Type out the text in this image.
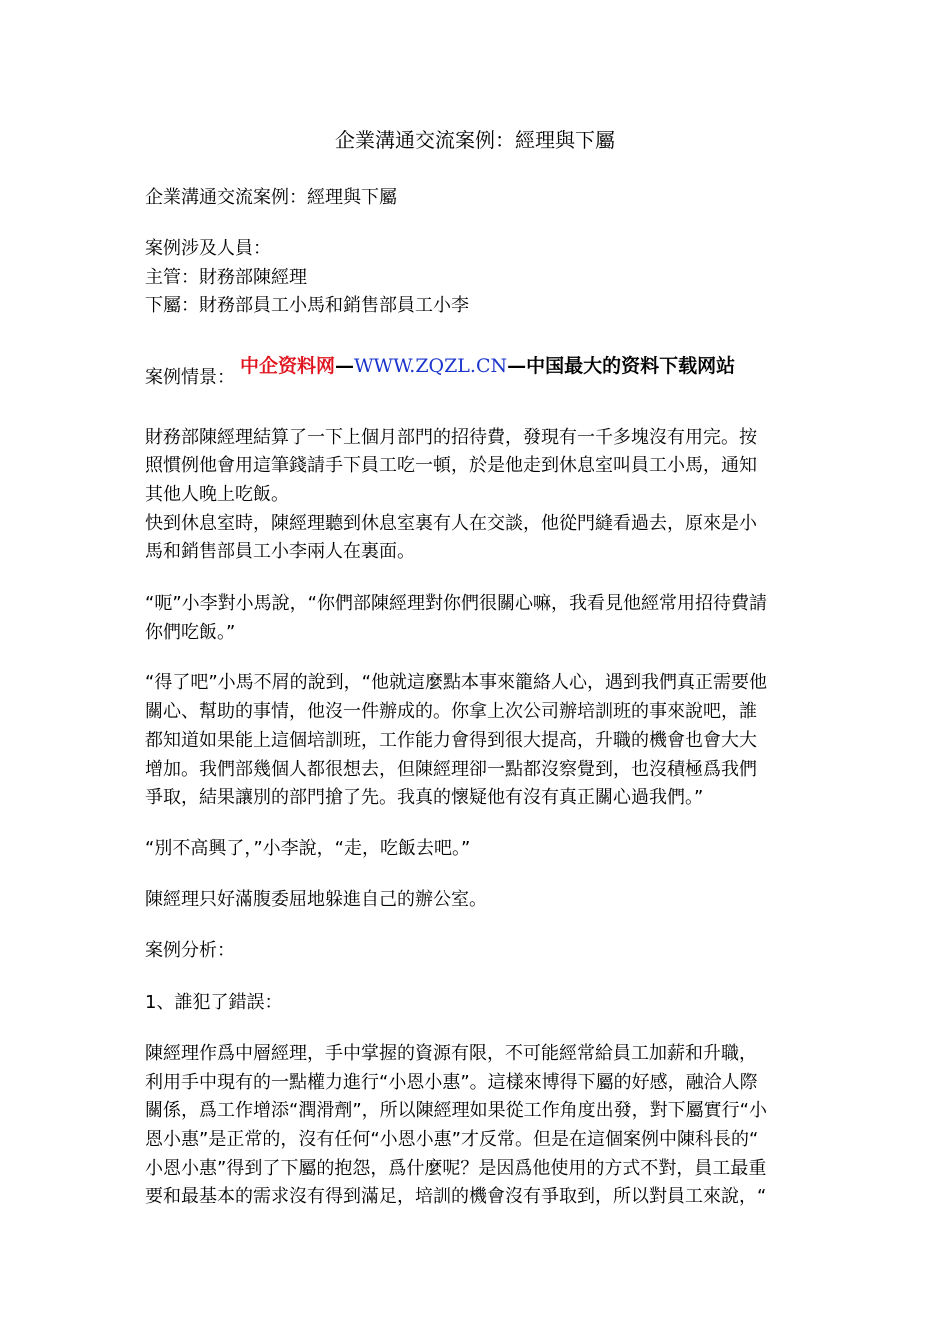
企業溝通交流案例：經理與下屬
企業溝通交流案例：經理與下屬
案例涉及人員：
主管：財務部陳經理
下屬：財務部員工小馬和銷售部員工小李
案例情景：
中企资料网—WWW.ZQZL.CN—中国最大的资料下载网站
財務部陳經理結算了一下上個月部門的招待費，發現有一千多塊沒有用完。按
照慣例他會用這筆錢請手下員工吃一頓，於是他走到休息室叫員工小馬，通知
其他人晚上吃飯。
快到休息室時，陳經理聽到休息室裏有人在交談，他從門縫看過去，原來是小
馬和銷售部員工小李兩人在裏面。
“呃”小李對小馬說，“你們部陳經理對你們很關心嘛，我看見他經常用招待費請
你們吃飯。”
“得了吧”小馬不屑的說到，“他就這麼點本事來籠絡人心，遇到我們真正需要他
關心、幫助的事情，他沒一件辦成的。你拿上次公司辦培訓班的事來說吧，誰
都知道如果能上這個培訓班，工作能力會得到很大提高，升職的機會也會大大
增加。我們部幾個人都很想去，但陳經理卻一點都沒察覺到，也沒積極爲我們
爭取，結果讓別的部門搶了先。我真的懷疑他有沒有真正關心過我們。”
“別不高興了，”小李說，“走，吃飯去吧。”
陳經理只好滿腹委屈地躲進自己的辦公室。
案例分析：
1、誰犯了錯誤：
陳經理作爲中層經理，手中掌握的資源有限，不可能經常給員工加薪和升職，
利用手中現有的一點權力進行“小恩小惠”。這樣來博得下屬的好感，融洽人際
關係，爲工作增添“潤滑劑”，所以陳經理如果從工作角度出發，對下屬實行“小
恩小惠”是正常的，沒有任何“小恩小惠”才反常。但是在這個案例中陳科長的“
小恩小惠”得到了下屬的抱怨，爲什麼呢？是因爲他使用的方式不對，員工最重
要和最基本的需求沒有得到滿足，培訓的機會沒有爭取到，所以對員工來說，“
